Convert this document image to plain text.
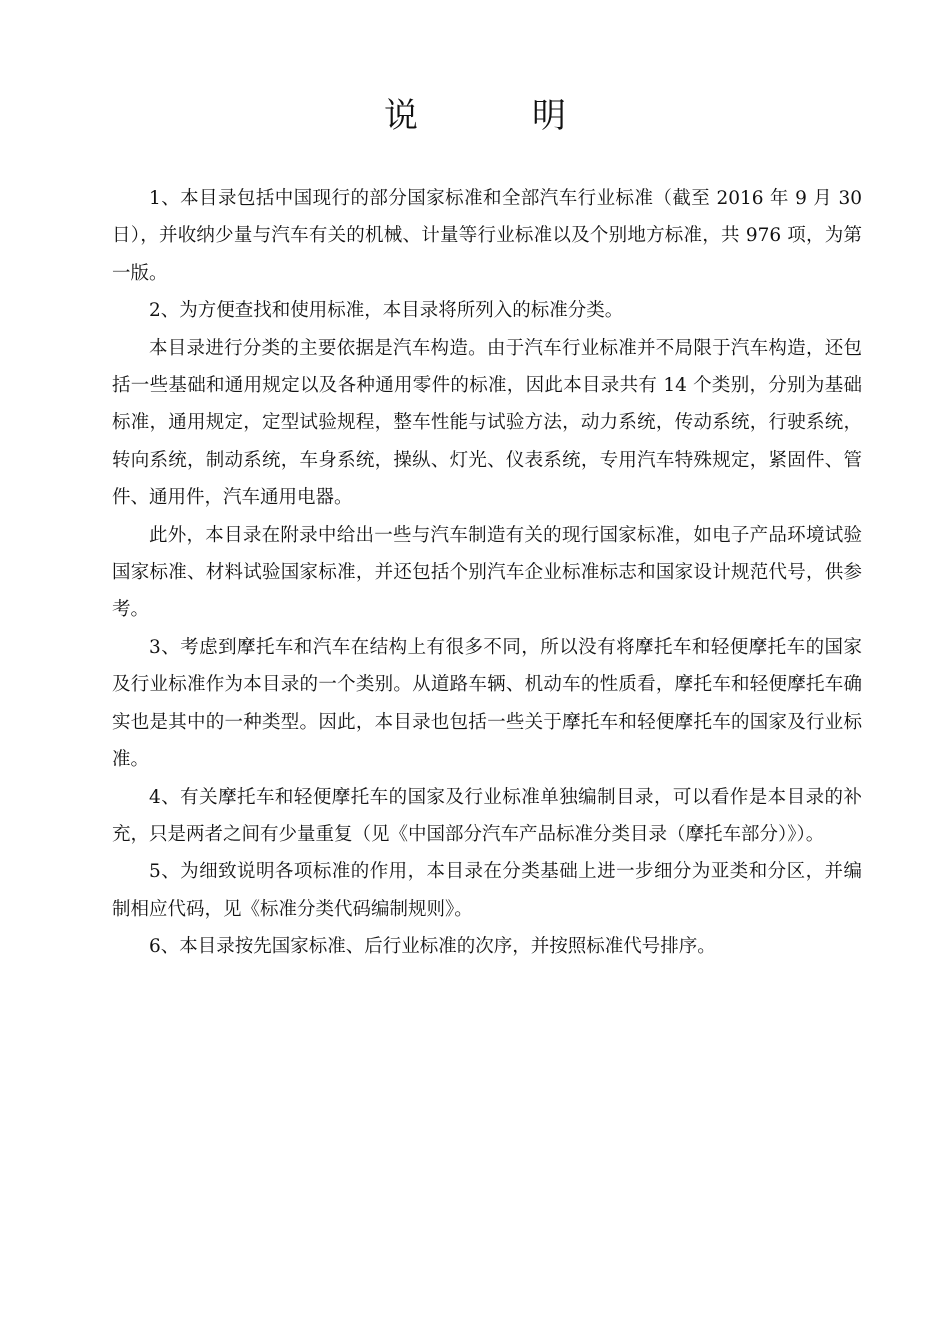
说　明

1、本目录包括中国现行的部分国家标准和全部汽车行业标准（截至 2016 年 9 月 30 日），并收纳少量与汽车有关的机械、计量等行业标准以及个别地方标准，共 976 项，为第一版。

2、为方便查找和使用标准，本目录将所列入的标准分类。

本目录进行分类的主要依据是汽车构造。由于汽车行业标准并不局限于汽车构造，还包括一些基础和通用规定以及各种通用零件的标准，因此本目录共有 14 个类别，分别为基础标准，通用规定，定型试验规程，整车性能与试验方法，动力系统，传动系统，行驶系统，转向系统，制动系统，车身系统，操纵、灯光、仪表系统，专用汽车特殊规定，紧固件、管件、通用件，汽车通用电器。

此外，本目录在附录中给出一些与汽车制造有关的现行国家标准，如电子产品环境试验国家标准、材料试验国家标准，并还包括个别汽车企业标准标志和国家设计规范代号，供参考。

3、考虑到摩托车和汽车在结构上有很多不同，所以没有将摩托车和轻便摩托车的国家及行业标准作为本目录的一个类别。从道路车辆、机动车的性质看，摩托车和轻便摩托车确实也是其中的一种类型。因此，本目录也包括一些关于摩托车和轻便摩托车的国家及行业标准。

4、有关摩托车和轻便摩托车的国家及行业标准单独编制目录，可以看作是本目录的补充，只是两者之间有少量重复（见《中国部分汽车产品标准分类目录（摩托车部分）》）。

5、为细致说明各项标准的作用，本目录在分类基础上进一步细分为亚类和分区，并编制相应代码，见《标准分类代码编制规则》。

6、本目录按先国家标准、后行业标准的次序，并按照标准代号排序。
